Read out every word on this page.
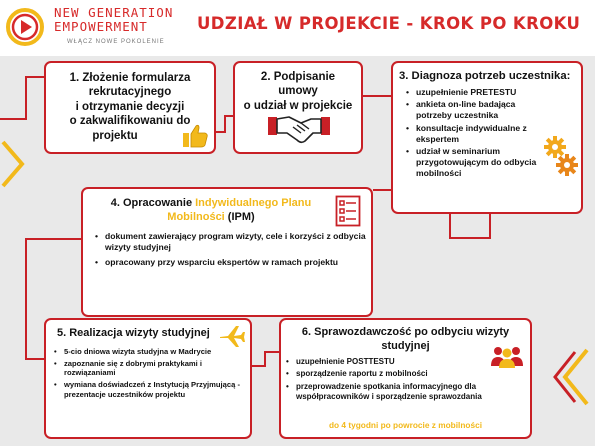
NEW GENERATION
EMPOWERMENT
WŁĄCZ NOWE POKOLENIE
UDZIAŁ W PROJEKCIE - KROK PO KROKU
1. Złożenie formularza
rekrutacyjnego
i otrzymanie decyzji
o zakwalifikowaniu do
projektu
2. Podpisanie umowy
o udział w projekcie
3. Diagnoza potrzeb uczestnika:
• uzupełnienie PRETESTU
• ankieta on-line badająca potrzeby uczestnika
• konsultacje indywidualne z ekspertem
• udział w seminarium przygotowującym do odbycia mobilności
4. Opracowanie Indywidualnego Planu Mobilności (IPM)
• dokument zawierający program wizyty, cele i korzyści z odbycia wizyty studyjnej
• opracowany przy wsparciu ekspertów w ramach projektu
5. Realizacja wizyty studyjnej
• 5-cio dniowa wizyta studyjna w Madrycie
• zapoznanie się z dobrymi praktykami i rozwiązaniami
• wymiana doświadczeń z Instytucją Przyjmującą - prezentacje uczestników projektu
6. Sprawozdawczość po odbyciu wizyty studyjnej
• uzupełnienie POSTTESTU
• sporządzenie raportu z mobilności
• przeprowadzenie spotkania informacyjnego dla współpracowników i sporządzenie sprawozdania
do 4 tygodni po powrocie z mobilności
